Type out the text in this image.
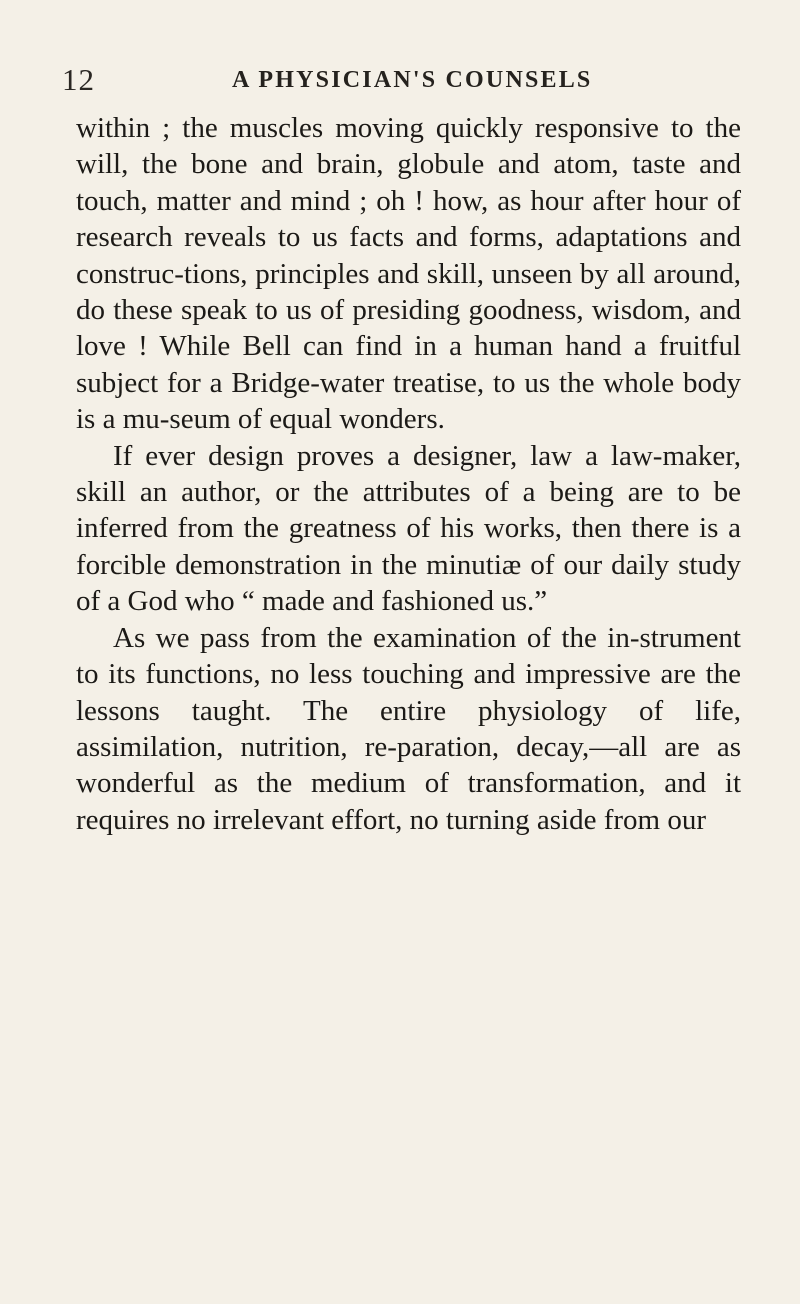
12	A PHYSICIAN'S COUNSELS

within ; the muscles moving quickly responsive to the will, the bone and brain, globule and atom, taste and touch, matter and mind ; oh ! how, as hour after hour of research reveals to us facts and forms, adaptations and construc-tions, principles and skill, unseen by all around, do these speak to us of presiding goodness, wisdom, and love ! While Bell can find in a human hand a fruitful subject for a Bridge-water treatise, to us the whole body is a mu-seum of equal wonders.

If ever design proves a designer, law a law-maker, skill an author, or the attributes of a being are to be inferred from the greatness of his works, then there is a forcible demonstration in the minutiæ of our daily study of a God who “ made and fashioned us.”

As we pass from the examination of the in-strument to its functions, no less touching and impressive are the lessons taught. The entire physiology of life, assimilation, nutrition, re-paration, decay,—all are as wonderful as the medium of transformation, and it requires no irrelevant effort, no turning aside from our
